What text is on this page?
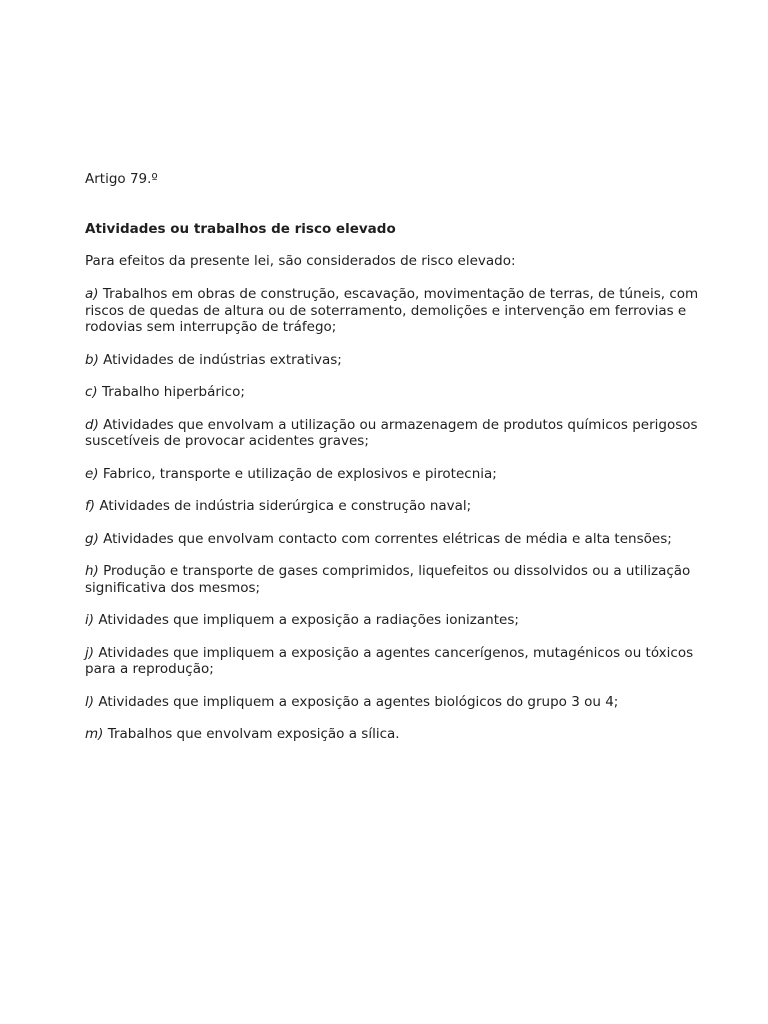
Artigo 79.º

Atividades ou trabalhos de risco elevado

Para efeitos da presente lei, são considerados de risco elevado:

a) Trabalhos em obras de construção, escavação, movimentação de terras, de túneis, com riscos de quedas de altura ou de soterramento, demolições e intervenção em ferrovias e rodovias sem interrupção de tráfego;
b) Atividades de indústrias extrativas;
c) Trabalho hiperbárico;
d) Atividades que envolvam a utilização ou armazenagem de produtos químicos perigosos suscetíveis de provocar acidentes graves;
e) Fabrico, transporte e utilização de explosivos e pirotecnia;
f) Atividades de indústria siderúrgica e construção naval;
g) Atividades que envolvam contacto com correntes elétricas de média e alta tensões;
h) Produção e transporte de gases comprimidos, liquefeitos ou dissolvidos ou a utilização significativa dos mesmos;
i) Atividades que impliquem a exposição a radiações ionizantes;
j) Atividades que impliquem a exposição a agentes cancerígenos, mutagénicos ou tóxicos para a reprodução;
l) Atividades que impliquem a exposição a agentes biológicos do grupo 3 ou 4;
m) Trabalhos que envolvam exposição a sílica.
